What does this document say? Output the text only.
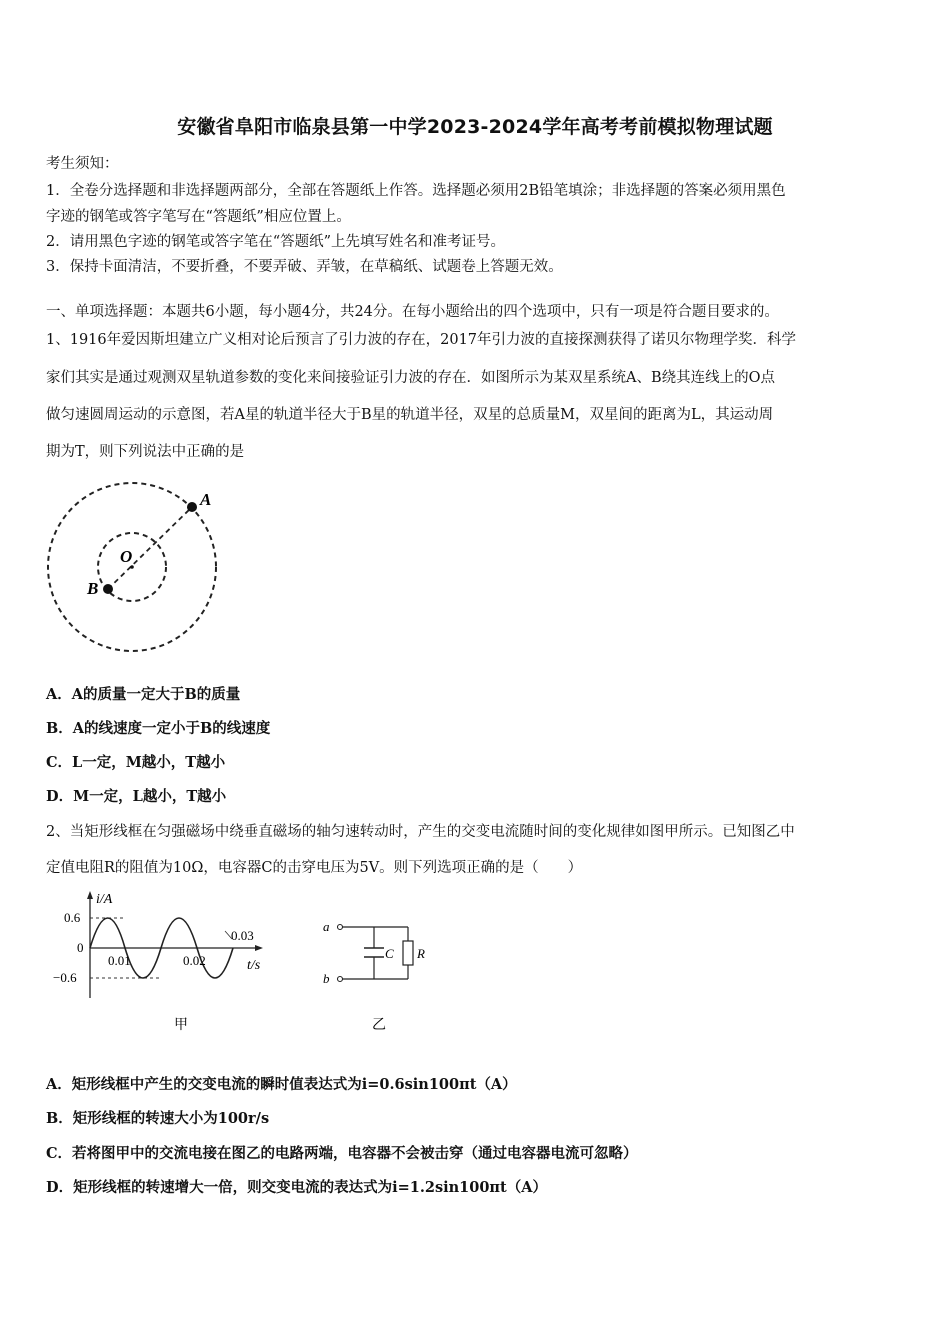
安徽省阜阳市临泉县第一中学2023-2024学年高考考前模拟物理试题
考生须知：
1．全卷分选择题和非选择题两部分，全部在答题纸上作答。选择题必须用2B铅笔填涂；非选择题的答案必须用黑色
字迹的钢笔或答字笔写在“答题纸”相应位置上。
2．请用黑色字迹的钢笔或答字笔在“答题纸”上先填写姓名和准考证号。
3．保持卡面清洁，不要折叠，不要弄破、弄皱，在草稿纸、试题卷上答题无效。
一、单项选择题：本题共6小题，每小题4分，共24分。在每小题给出的四个选项中，只有一项是符合题目要求的。
1、1916年爱因斯坦建立广义相对论后预言了引力波的存在，2017年引力波的直接探测获得了诺贝尔物理学奖．科学
家们其实是通过观测双星轨道参数的变化来间接验证引力波的存在．如图所示为某双星系统A、B绕其连线上的O点
做匀速圆周运动的示意图，若A星的轨道半径大于B星的轨道半径，双星的总质量M，双星间的距离为L，其运动周
期为T，则下列说法中正确的是
A
B
O
A．A的质量一定大于B的质量
B．A的线速度一定小于B的线速度
C．L一定，M越小，T越小
D．M一定，L越小，T越小
2、当矩形线框在匀强磁场中绕垂直磁场的轴匀速转动时，产生的交变电流随时间的变化规律如图甲所示。已知图乙中
定值电阻R的阻值为10Ω，电容器C的击穿电压为5V。则下列选项正确的是（　　）
i/A
0.6
0
−0.6
0.01	0.02
0.03
t/s
甲
a
b
C R
乙
A．矩形线框中产生的交变电流的瞬时值表达式为i=0.6sin100πt（A）
B．矩形线框的转速大小为100r/s
C．若将图甲中的交流电接在图乙的电路两端，电容器不会被击穿（通过电容器电流可忽略）
D．矩形线框的转速增大一倍，则交变电流的表达式为i=1.2sin100πt（A）
